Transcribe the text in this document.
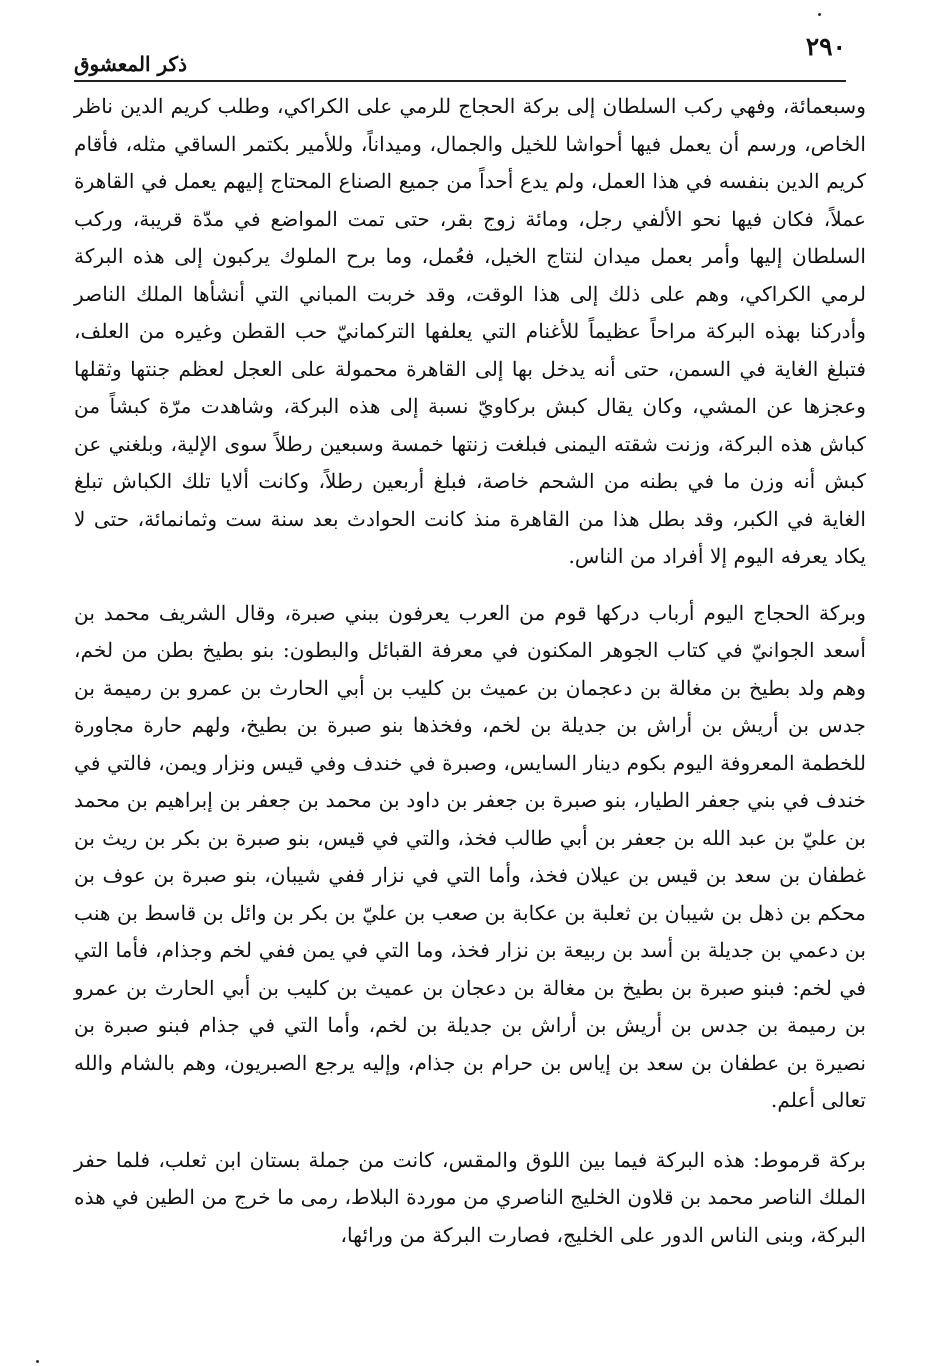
٢٩٠
ذكر المعشوق

وسبعمائة، وفهي ركب السلطان إلى بركة الحجاج للرمي على الكراكي، وطلب كريم الدين ناظر الخاص، ورسم أن يعمل فيها أحواشا للخيل والجمال، وميداناً، وللأمير بكتمر الساقي مثله، فأقام كريم الدين بنفسه في هذا العمل، ولم يدع أحداً من جميع الصناع المحتاج إليهم يعمل في القاهرة عملاً، فكان فيها نحو الألفي رجل، ومائة زوج بقر، حتى تمت المواضع في مدّة قريبة، وركب السلطان إليها وأمر بعمل ميدان لنتاج الخيل، فعُمل، وما برح الملوك يركبون إلى هذه البركة لرمي الكراكي، وهم على ذلك إلى هذا الوقت، وقد خربت المباني التي أنشأها الملك الناصر وأدركنا بهذه البركة مراحاً عظيماً للأغنام التي يعلفها التركمانيّ حب القطن وغيره من العلف، فتبلغ الغاية في السمن، حتى أنه يدخل بها إلى القاهرة محمولة على العجل لعظم جنتها وثقلها وعجزها عن المشي، وكان يقال كبش بركاويّ نسبة إلى هذه البركة، وشاهدت مرّة كبشاً من كباش هذه البركة، وزنت شقته اليمنى فبلغت زنتها خمسة وسبعين رطلاً سوى الإلية، وبلغني عن كبش أنه وزن ما في بطنه من الشحم خاصة، فبلغ أربعين رطلاً، وكانت ألايا تلك الكباش تبلغ الغاية في الكبر، وقد بطل هذا من القاهرة منذ كانت الحوادث بعد سنة ست وثمانمائة، حتى لا يكاد يعرفه اليوم إلا أفراد من الناس.

وبركة الحجاج اليوم أرباب دركها قوم من العرب يعرفون ببني صبرة، وقال الشريف محمد بن أسعد الجوانيّ في كتاب الجوهر المكنون في معرفة القبائل والبطون: بنو بطيخ بطن من لخم، وهم ولد بطيخ بن مغالة بن دعجمان بن عميث بن كليب بن أبي الحارث بن عمرو بن رميمة بن جدس بن أريش بن أراش بن جديلة بن لخم، وفخذها بنو صبرة بن بطيخ، ولهم حارة مجاورة للخطمة المعروفة اليوم بكوم دينار السايس، وصبرة في خندف وفي قيس ونزار ويمن، فالتي في خندف في بني جعفر الطيار، بنو صبرة بن جعفر بن داود بن محمد بن جعفر بن إبراهيم بن محمد بن عليّ بن عبد الله بن جعفر بن أبي طالب فخذ، والتي في قيس، بنو صبرة بن بكر بن ريث بن غطفان بن سعد بن قيس بن عيلان فخذ، وأما التي في نزار ففي شيبان، بنو صبرة بن عوف بن محكم بن ذهل بن شيبان بن ثعلبة بن عكابة بن صعب بن عليّ بن بكر بن وائل بن قاسط بن هنب بن دعمي بن جديلة بن أسد بن ربيعة بن نزار فخذ، وما التي في يمن ففي لخم وجذام، فأما التي في لخم: فبنو صبرة بن بطيخ بن مغالة بن دعجان بن عميث بن كليب بن أبي الحارث بن عمرو بن رميمة بن جدس بن أريش بن أراش بن جديلة بن لخم، وأما التي في جذام فبنو صبرة بن نصيرة بن عطفان بن سعد بن إياس بن حرام بن جذام، وإليه يرجع الصبريون، وهم بالشام والله تعالى أعلم.

بركة قرموط: هذه البركة فيما بين اللوق والمقس، كانت من جملة بستان ابن ثعلب، فلما حفر الملك الناصر محمد بن قلاون الخليج الناصري من موردة البلاط، رمى ما خرج من الطين في هذه البركة، وبنى الناس الدور على الخليج، فصارت البركة من ورائها،
